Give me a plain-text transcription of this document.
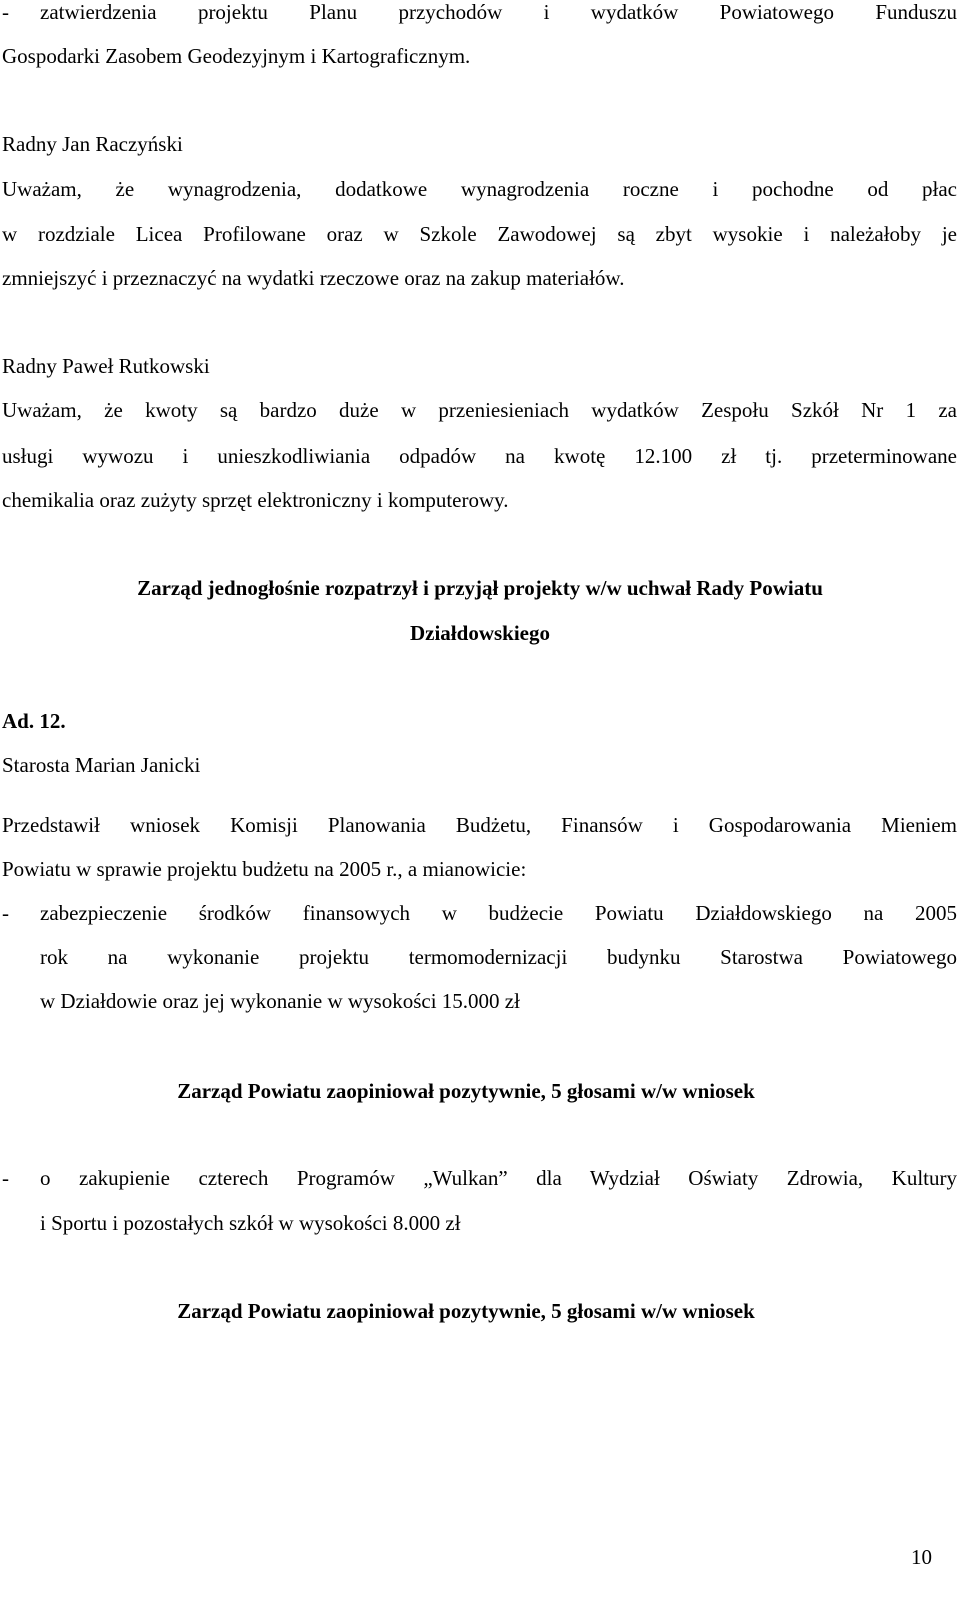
- zatwierdzenia projektu Planu przychodów i wydatków Powiatowego Funduszu
Gospodarki Zasobem Geodezyjnym i Kartograficznym.
Radny Jan Raczyński
Uważam, że wynagrodzenia, dodatkowe wynagrodzenia roczne i pochodne od płac
w rozdziale Licea Profilowane oraz w Szkole Zawodowej są zbyt wysokie i należałoby je
zmniejszyć i przeznaczyć na wydatki rzeczowe oraz na zakup materiałów.
Radny Paweł Rutkowski
Uważam, że kwoty są bardzo duże w przeniesieniach wydatków Zespołu Szkół Nr 1 za
usługi wywozu i unieszkodliwiania odpadów na kwotę 12.100 zł tj. przeterminowane
chemikalia oraz zużyty sprzęt elektroniczny i komputerowy.
Zarząd jednogłośnie rozpatrzył i przyjął projekty w/w uchwał Rady Powiatu
Działdowskiego
Ad. 12.
Starosta Marian Janicki
Przedstawił wniosek Komisji Planowania Budżetu, Finansów i Gospodarowania Mieniem
Powiatu w sprawie projektu budżetu na 2005 r., a mianowicie:
- zabezpieczenie środków finansowych w budżecie Powiatu Działdowskiego na 2005
rok na wykonanie projektu termomodernizacji budynku Starostwa Powiatowego
w Działdowie oraz jej wykonanie w wysokości 15.000 zł
Zarząd Powiatu zaopiniował pozytywnie, 5 głosami w/w wniosek
- o zakupienie czterech Programów „Wulkan” dla Wydział Oświaty Zdrowia, Kultury
i Sportu i pozostałych szkół w wysokości 8.000 zł
Zarząd Powiatu zaopiniował pozytywnie, 5 głosami w/w wniosek
10
